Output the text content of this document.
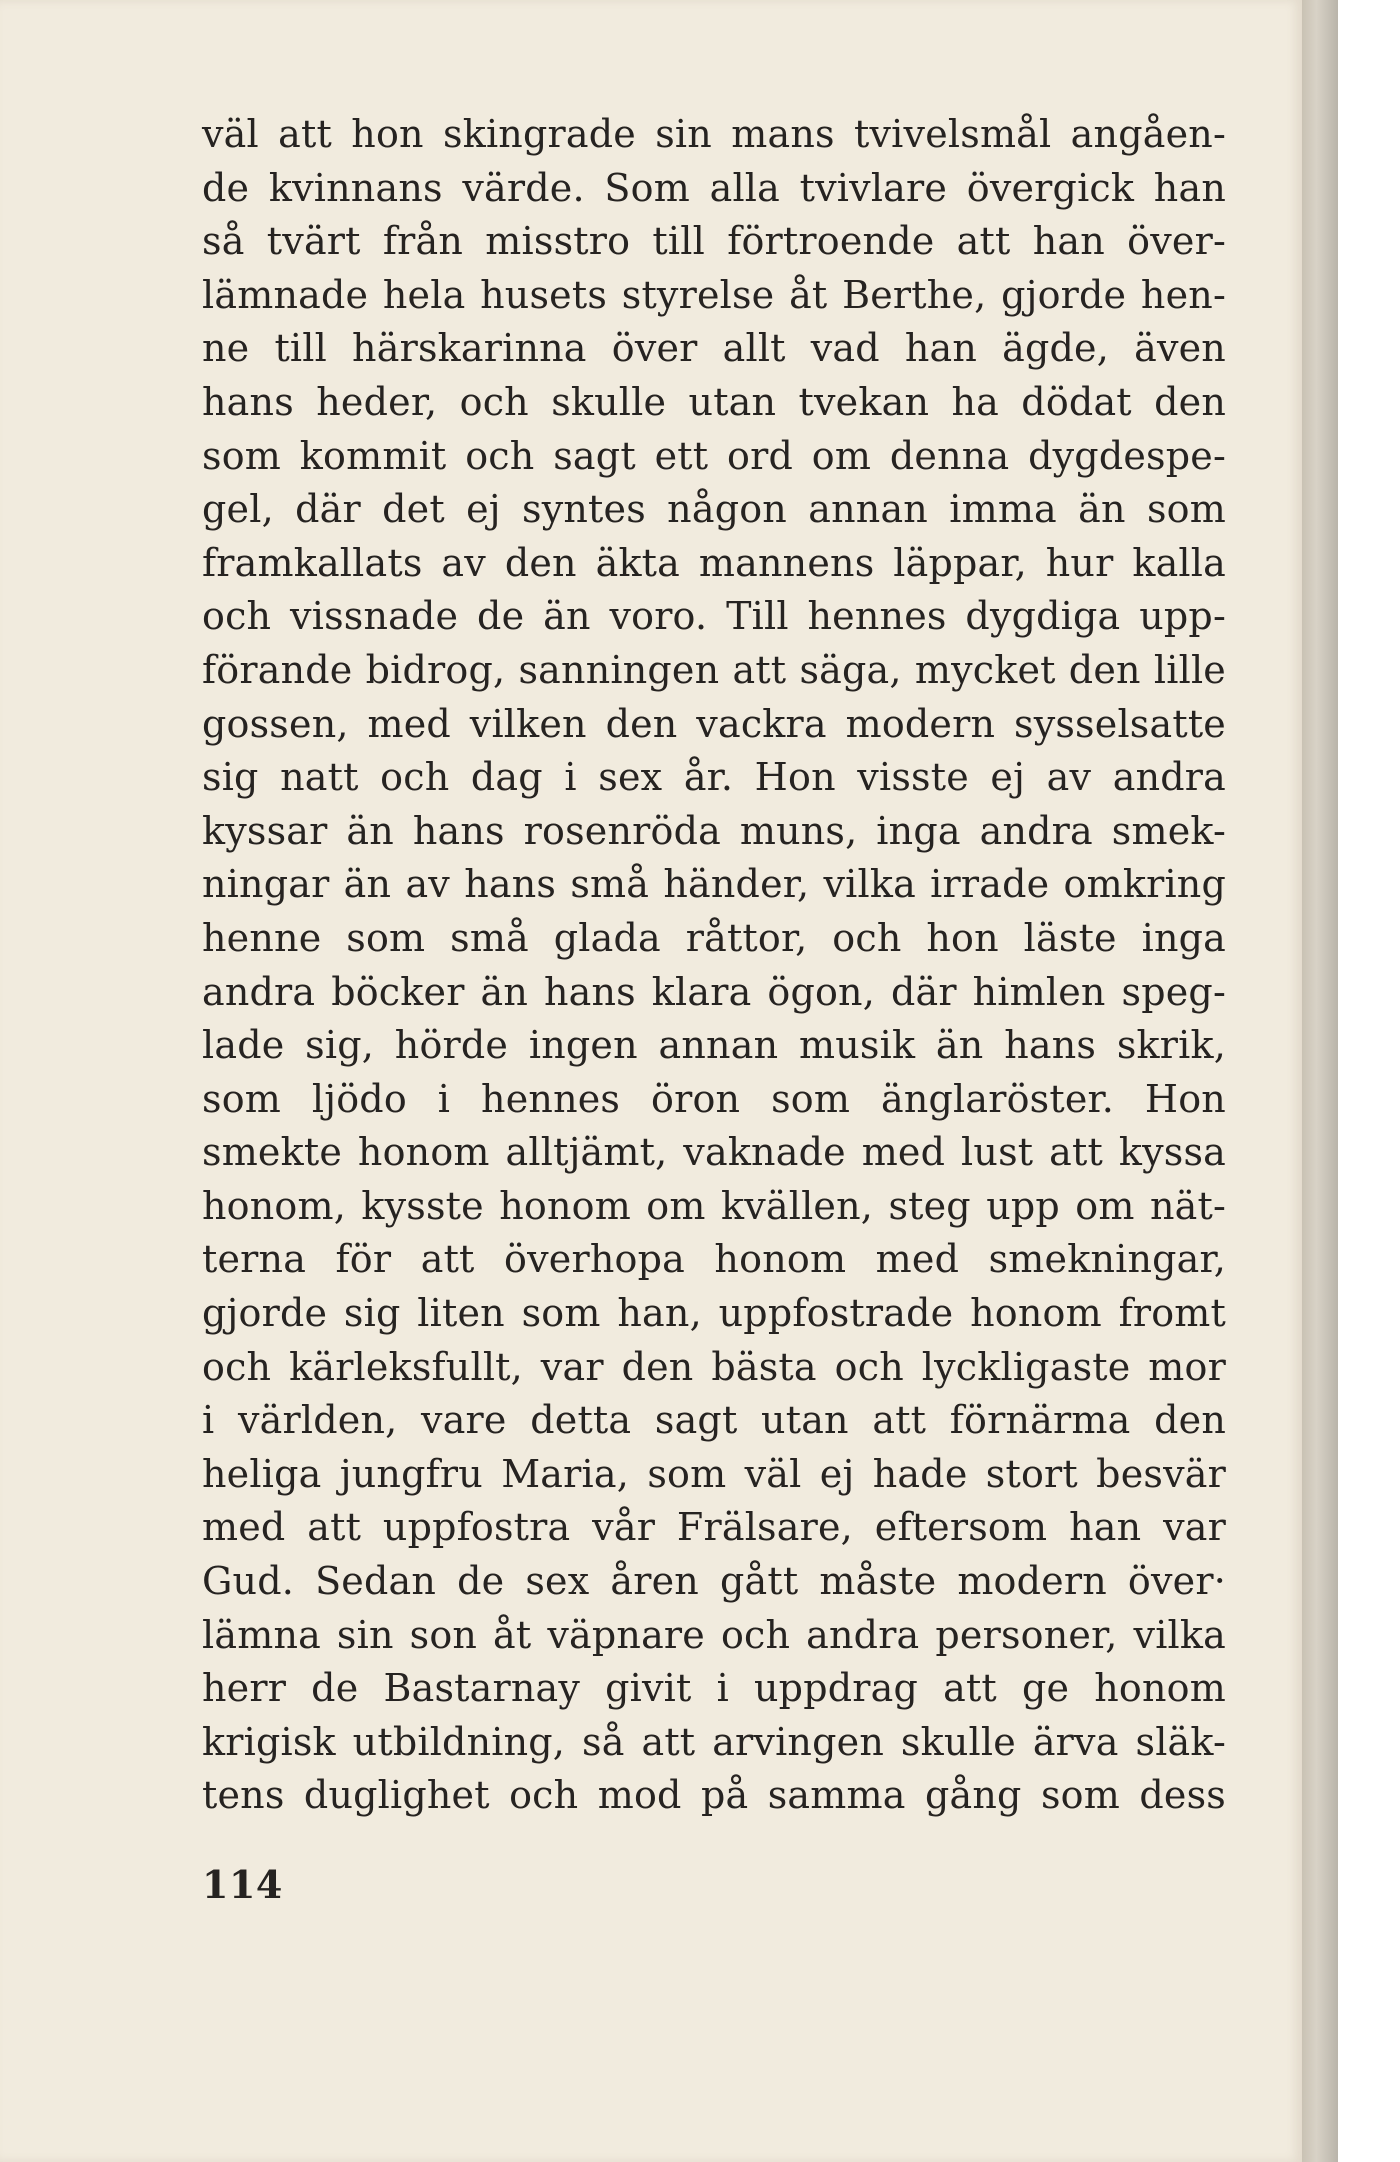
väl att hon skingrade sin mans tvivelsmål angåen-
de kvinnans värde. Som alla tvivlare övergick han
så tvärt från misstro till förtroende att han över-
lämnade hela husets styrelse åt Berthe, gjorde hen-
ne till härskarinna över allt vad han ägde, även
hans heder, och skulle utan tvekan ha dödat den
som kommit och sagt ett ord om denna dygdespe-
gel, där det ej syntes någon annan imma än som
framkallats av den äkta mannens läppar, hur kalla
och vissnade de än voro. Till hennes dygdiga upp-
förande bidrog, sanningen att säga, mycket den lille
gossen, med vilken den vackra modern sysselsatte
sig natt och dag i sex år. Hon visste ej av andra
kyssar än hans rosenröda muns, inga andra smek-
ningar än av hans små händer, vilka irrade omkring
henne som små glada råttor, och hon läste inga
andra böcker än hans klara ögon, där himlen speg-
lade sig, hörde ingen annan musik än hans skrik,
som ljödo i hennes öron som änglaröster. Hon
smekte honom alltjämt, vaknade med lust att kyssa
honom, kysste honom om kvällen, steg upp om nät-
terna för att överhopa honom med smekningar,
gjorde sig liten som han, uppfostrade honom fromt
och kärleksfullt, var den bästa och lyckligaste mor
i världen, vare detta sagt utan att förnärma den
heliga jungfru Maria, som väl ej hade stort besvär
med att uppfostra vår Frälsare, eftersom han var
Gud. Sedan de sex åren gått måste modern över·
lämna sin son åt väpnare och andra personer, vilka
herr de Bastarnay givit i uppdrag att ge honom
krigisk utbildning, så att arvingen skulle ärva släk-
tens duglighet och mod på samma gång som dess
114
